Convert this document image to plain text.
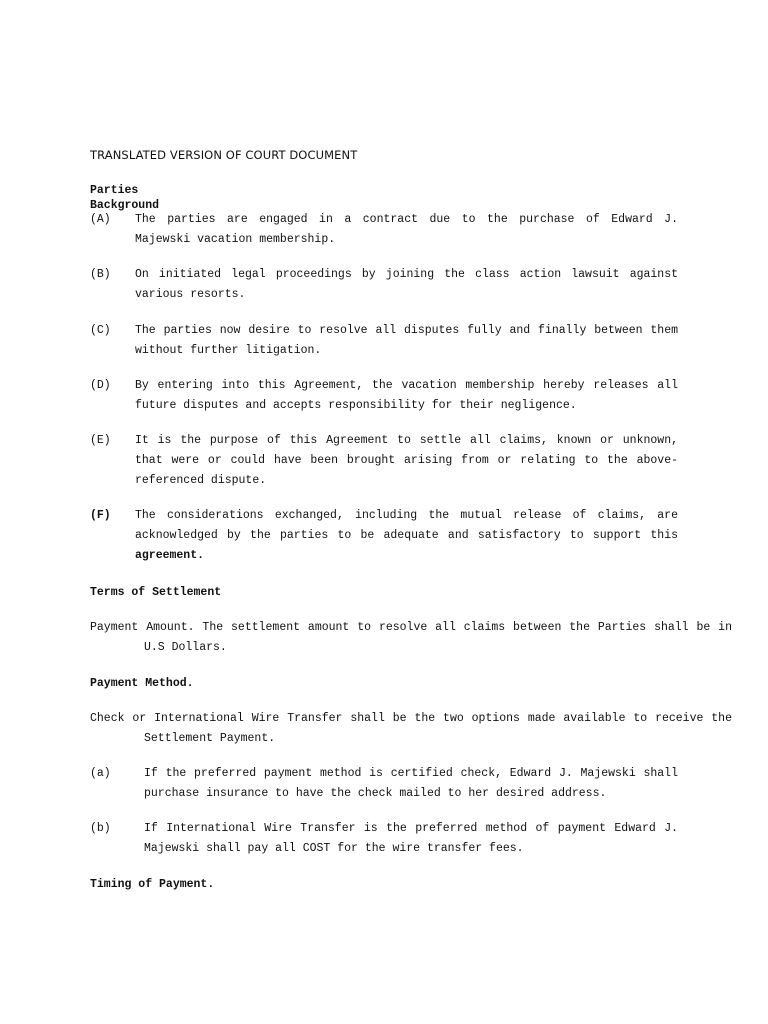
TRANSLATED VERSION OF COURT DOCUMENT
Parties
Background
(A)	The parties are engaged in a contract due to the purchase of Edward J. Majewski vacation membership.
(B)	On initiated legal proceedings by joining the class action lawsuit against various resorts.
(C)	The parties now desire to resolve all disputes fully and finally between them without further litigation.
(D)	By entering into this Agreement, the vacation membership hereby releases all future disputes and accepts responsibility for their negligence.
(E)	It is the purpose of this Agreement to settle all claims, known or unknown, that were or could have been brought arising from or relating to the above-referenced dispute.
(F)	The considerations exchanged, including the mutual release of claims, are acknowledged by the parties to be adequate and satisfactory to support this agreement.
Terms of Settlement
Payment Amount. The settlement amount to resolve all claims between the Parties shall be in U.S Dollars.
Payment Method.
Check or International Wire Transfer shall be the two options made available to receive the Settlement Payment.
(a)	If the preferred payment method is certified check, Edward J. Majewski shall purchase insurance to have the check mailed to her desired address.
(b)	If International Wire Transfer is the preferred method of payment Edward J. Majewski shall pay all COST for the wire transfer fees.
Timing of Payment.
